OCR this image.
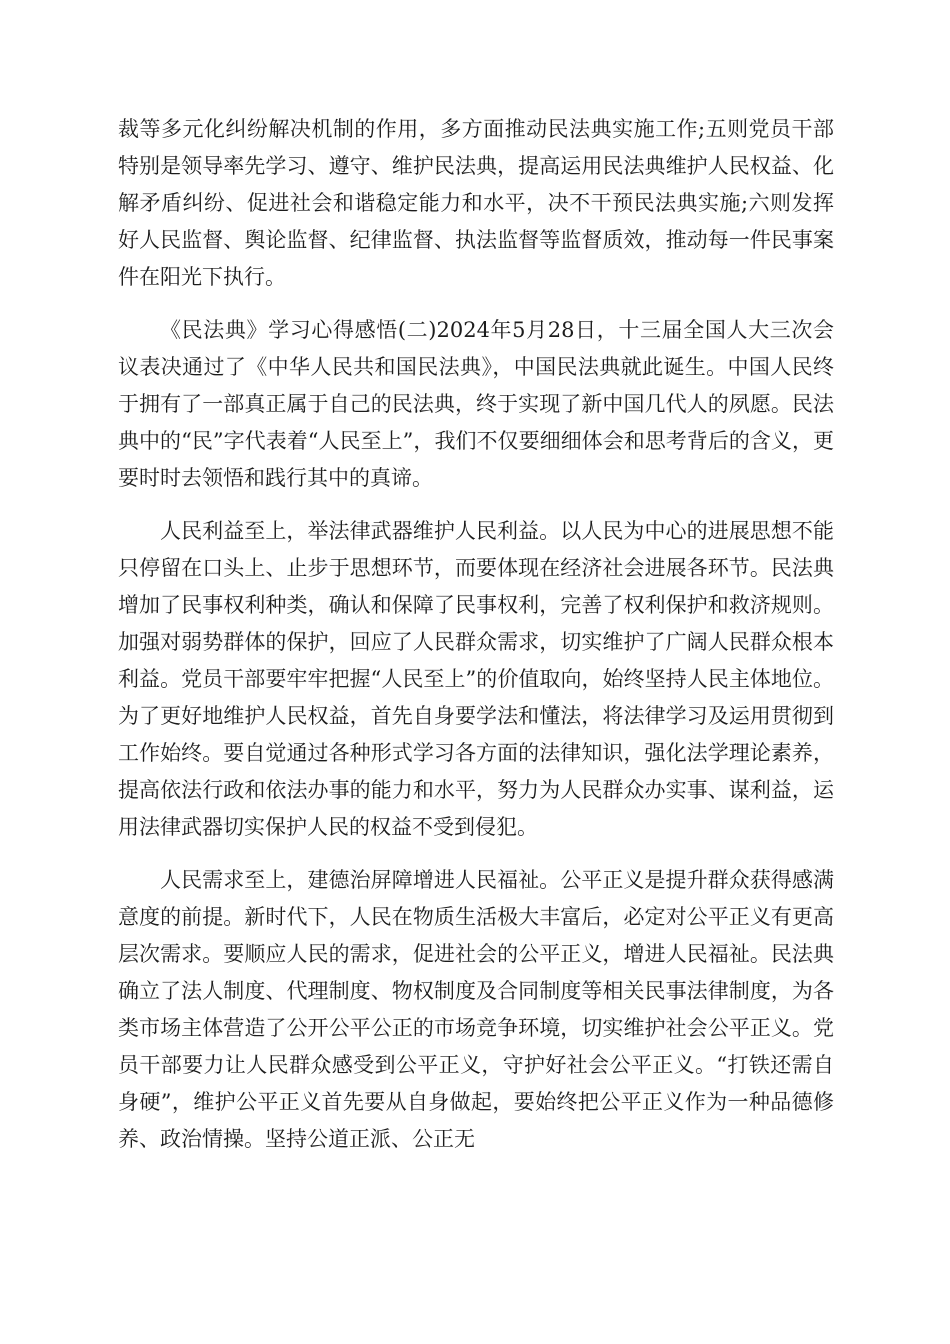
裁等多元化纠纷解决机制的作用，多方面推动民法典实施工作;五则党员干部特别是领导率先学习、遵守、维护民法典，提高运用民法典维护人民权益、化解矛盾纠纷、促进社会和谐稳定能力和水平，决不干预民法典实施;六则发挥好人民监督、舆论监督、纪律监督、执法监督等监督质效，推动每一件民事案件在阳光下执行。

《民法典》学习心得感悟(二)2024年5月28日，十三届全国人大三次会议表决通过了《中华人民共和国民法典》，中国民法典就此诞生。中国人民终于拥有了一部真正属于自己的民法典，终于实现了新中国几代人的夙愿。民法典中的“民”字代表着“人民至上”，我们不仅要细细体会和思考背后的含义，更要时时去领悟和践行其中的真谛。

人民利益至上，举法律武器维护人民利益。以人民为中心的进展思想不能只停留在口头上、止步于思想环节，而要体现在经济社会进展各环节。民法典增加了民事权利种类，确认和保障了民事权利，完善了权利保护和救济规则。加强对弱势群体的保护，回应了人民群众需求，切实维护了广阔人民群众根本利益。党员干部要牢牢把握“人民至上”的价值取向，始终坚持人民主体地位。为了更好地维护人民权益，首先自身要学法和懂法，将法律学习及运用贯彻到工作始终。要自觉通过各种形式学习各方面的法律知识，强化法学理论素养，提高依法行政和依法办事的能力和水平，努力为人民群众办实事、谋利益，运用法律武器切实保护人民的权益不受到侵犯。

人民需求至上，建德治屏障增进人民福祉。公平正义是提升群众获得感满意度的前提。新时代下，人民在物质生活极大丰富后，必定对公平正义有更高层次需求。要顺应人民的需求，促进社会的公平正义，增进人民福祉。民法典确立了法人制度、代理制度、物权制度及合同制度等相关民事法律制度，为各类市场主体营造了公开公平公正的市场竞争环境，切实维护社会公平正义。党员干部要力让人民群众感受到公平正义，守护好社会公平正义。“打铁还需自身硬”，维护公平正义首先要从自身做起，要始终把公平正义作为一种品德修养、政治情操。坚持公道正派、公正无
